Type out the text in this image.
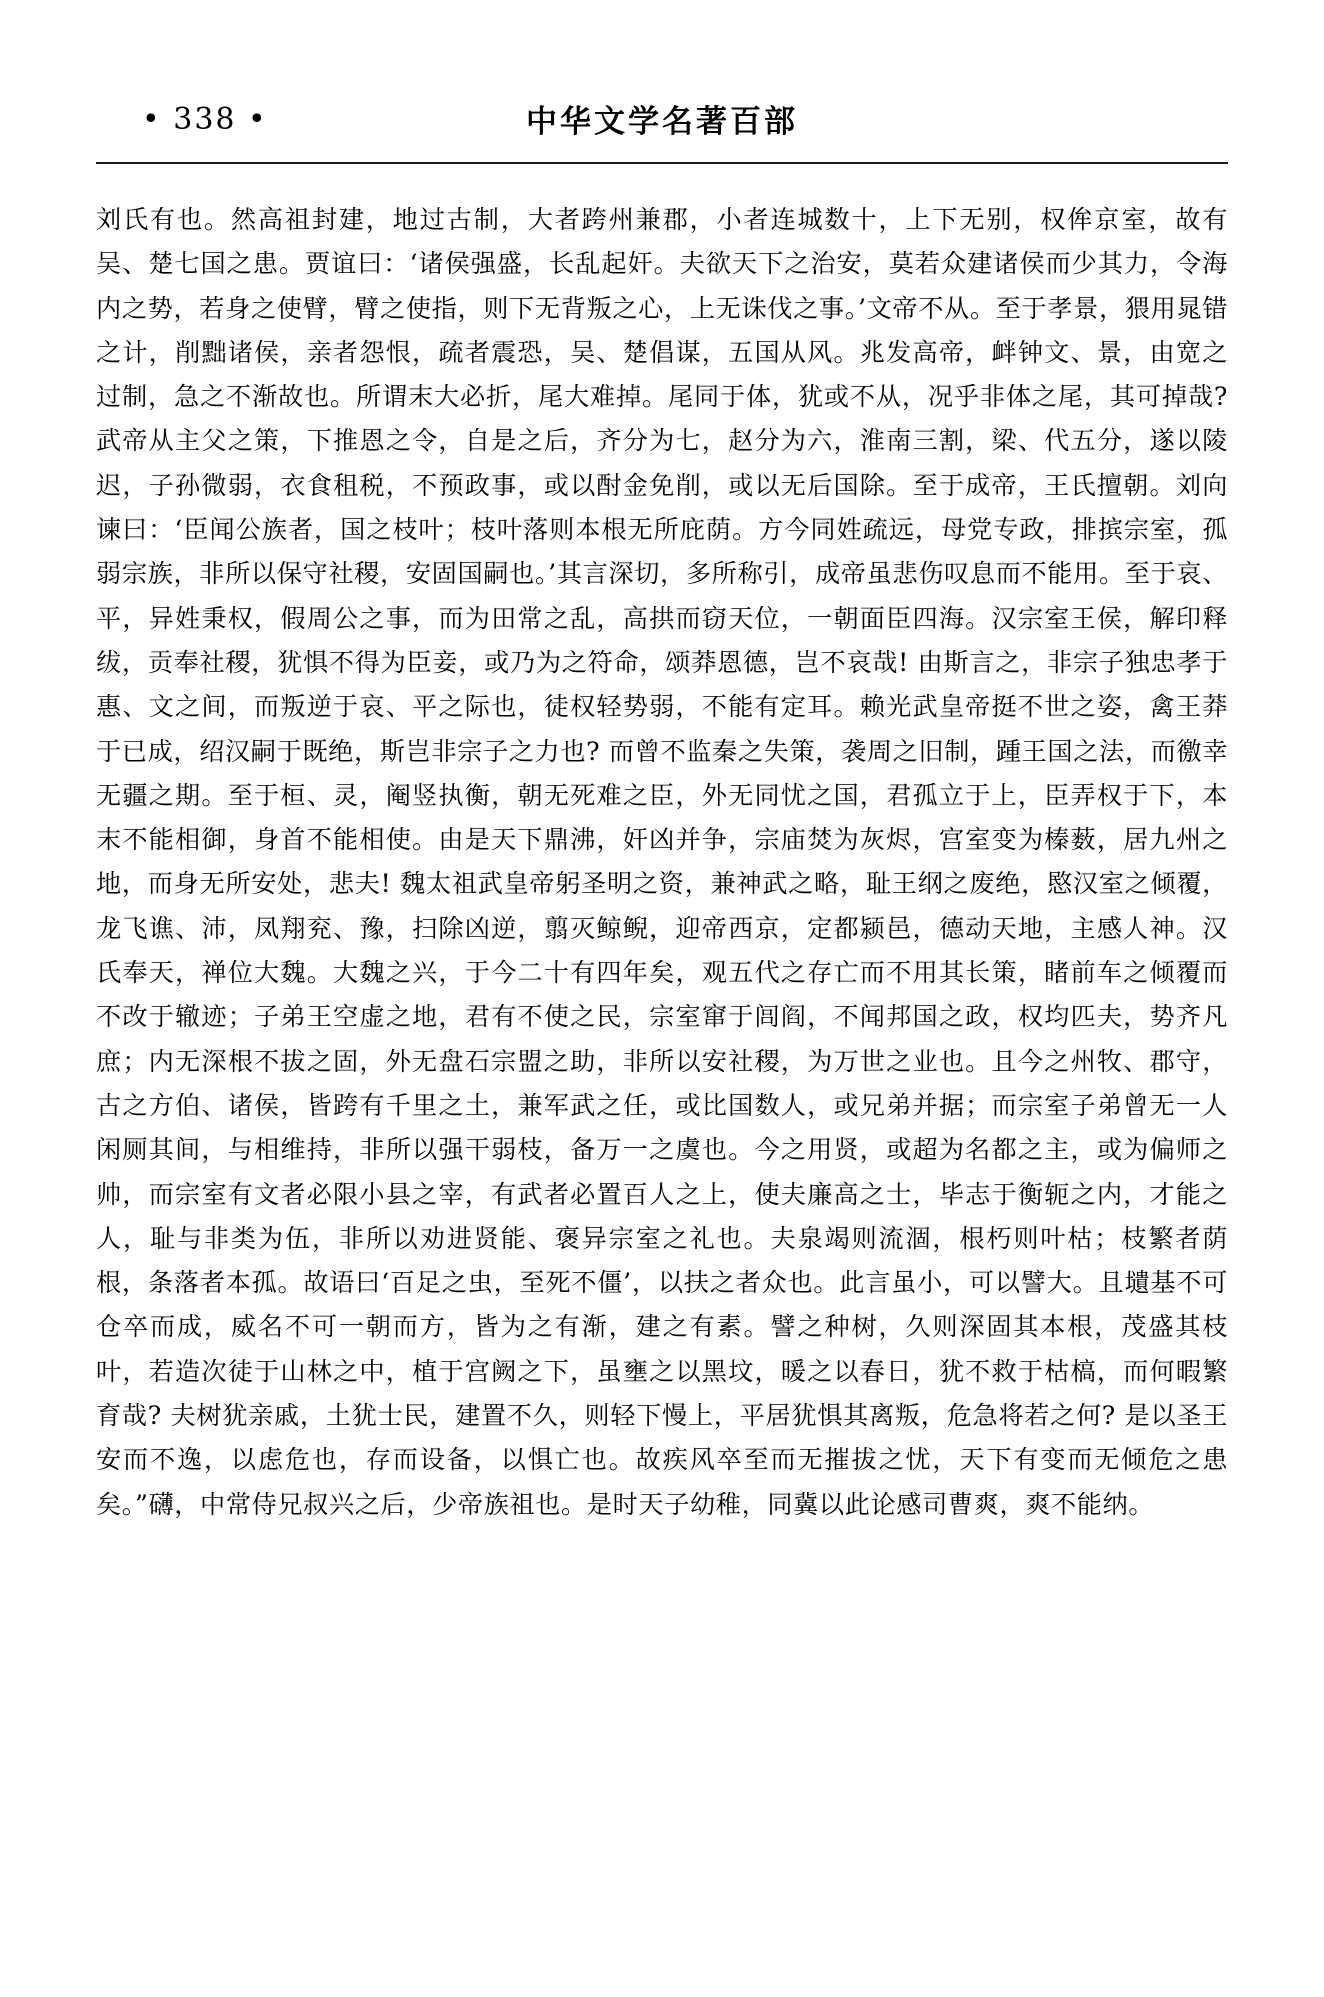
• 338 •	中华文学名著百部

刘氏有也。然高祖封建，地过古制，大者跨州兼郡，小者连城数十，上下无别，权侔京室，故有吴、楚七国之患。贾谊曰：‘诸侯强盛，长乱起奸。夫欲天下之治安，莫若众建诸侯而少其力，令海内之势，若身之使臂，臂之使指，则下无背叛之心，上无诛伐之事。’文帝不从。至于孝景，猥用晁错之计，削黜诸侯，亲者怨恨，疏者震恐，吴、楚倡谋，五国从风。兆发高帝，衅钟文、景，由宽之过制，急之不渐故也。所谓末大必折，尾大难掉。尾同于体，犹或不从，况乎非体之尾，其可掉哉? 武帝从主父之策，下推恩之令，自是之后，齐分为七，赵分为六，淮南三割，梁、代五分，遂以陵迟，子孙微弱，衣食租税，不预政事，或以酎金免削，或以无后国除。至于成帝，王氏擅朝。刘向谏曰：‘臣闻公族者，国之枝叶；枝叶落则本根无所庇荫。方今同姓疏远，母党专政，排摈宗室，孤弱宗族，非所以保守社稷，安固国嗣也。’其言深切，多所称引，成帝虽悲伤叹息而不能用。至于哀、平，异姓秉权，假周公之事，而为田常之乱，高拱而窃天位，一朝面臣四海。汉宗室王侯，解印释绂，贡奉社稷，犹惧不得为臣妾，或乃为之符命，颂莽恩德，岂不哀哉! 由斯言之，非宗子独忠孝于惠、文之间，而叛逆于哀、平之际也，徒权轻势弱，不能有定耳。赖光武皇帝挺不世之姿，禽王莽于已成，绍汉嗣于既绝，斯岂非宗子之力也? 而曾不监秦之失策，袭周之旧制，踵王国之法，而徼幸无疆之期。至于桓、灵，阉竖执衡，朝无死难之臣，外无同忧之国，君孤立于上，臣弄权于下，本末不能相御，身首不能相使。由是天下鼎沸，奸凶并争，宗庙焚为灰烬，宫室变为榛薮，居九州之地，而身无所安处，悲夫! 魏太祖武皇帝躬圣明之资，兼神武之略，耻王纲之废绝，愍汉室之倾覆，龙飞谯、沛，凤翔兖、豫，扫除凶逆，翦灭鲸鲵，迎帝西京，定都颍邑，德动天地，主感人神。汉氏奉天，禅位大魏。大魏之兴，于今二十有四年矣，观五代之存亡而不用其长策，睹前车之倾覆而不改于辙迹；子弟王空虚之地，君有不使之民，宗室窜于闾阎，不闻邦国之政，权均匹夫，势齐凡庶；内无深根不拔之固，外无盘石宗盟之助，非所以安社稷，为万世之业也。且今之州牧、郡守，古之方伯、诸侯，皆跨有千里之土，兼军武之任，或比国数人，或兄弟并据；而宗室子弟曾无一人闲厕其间，与相维持，非所以强干弱枝，备万一之虞也。今之用贤，或超为名都之主，或为偏师之帅，而宗室有文者必限小县之宰，有武者必置百人之上，使夫廉高之士，毕志于衡轭之内，才能之人，耻与非类为伍，非所以劝进贤能、褒异宗室之礼也。夫泉竭则流涸，根朽则叶枯；枝繁者荫根，条落者本孤。故语曰‘百足之虫，至死不僵’，以扶之者众也。此言虽小，可以譬大。且壝基不可仓卒而成，威名不可一朝而方，皆为之有渐，建之有素。譬之种树，久则深固其本根，茂盛其枝叶，若造次徒于山林之中，植于宫阙之下，虽壅之以黑坟，暖之以春日，犹不救于枯槁，而何暇繁育哉? 夫树犹亲戚，土犹士民，建置不久，则轻下慢上，平居犹惧其离叛，危急将若之何? 是以圣王安而不逸，以虑危也，存而设备，以惧亡也。故疾风卒至而无摧拔之忧，天下有变而无倾危之患矣。”礴，中常侍兄叔兴之后，少帝族祖也。是时天子幼稚，同冀以此论感司曹爽，爽不能纳。
